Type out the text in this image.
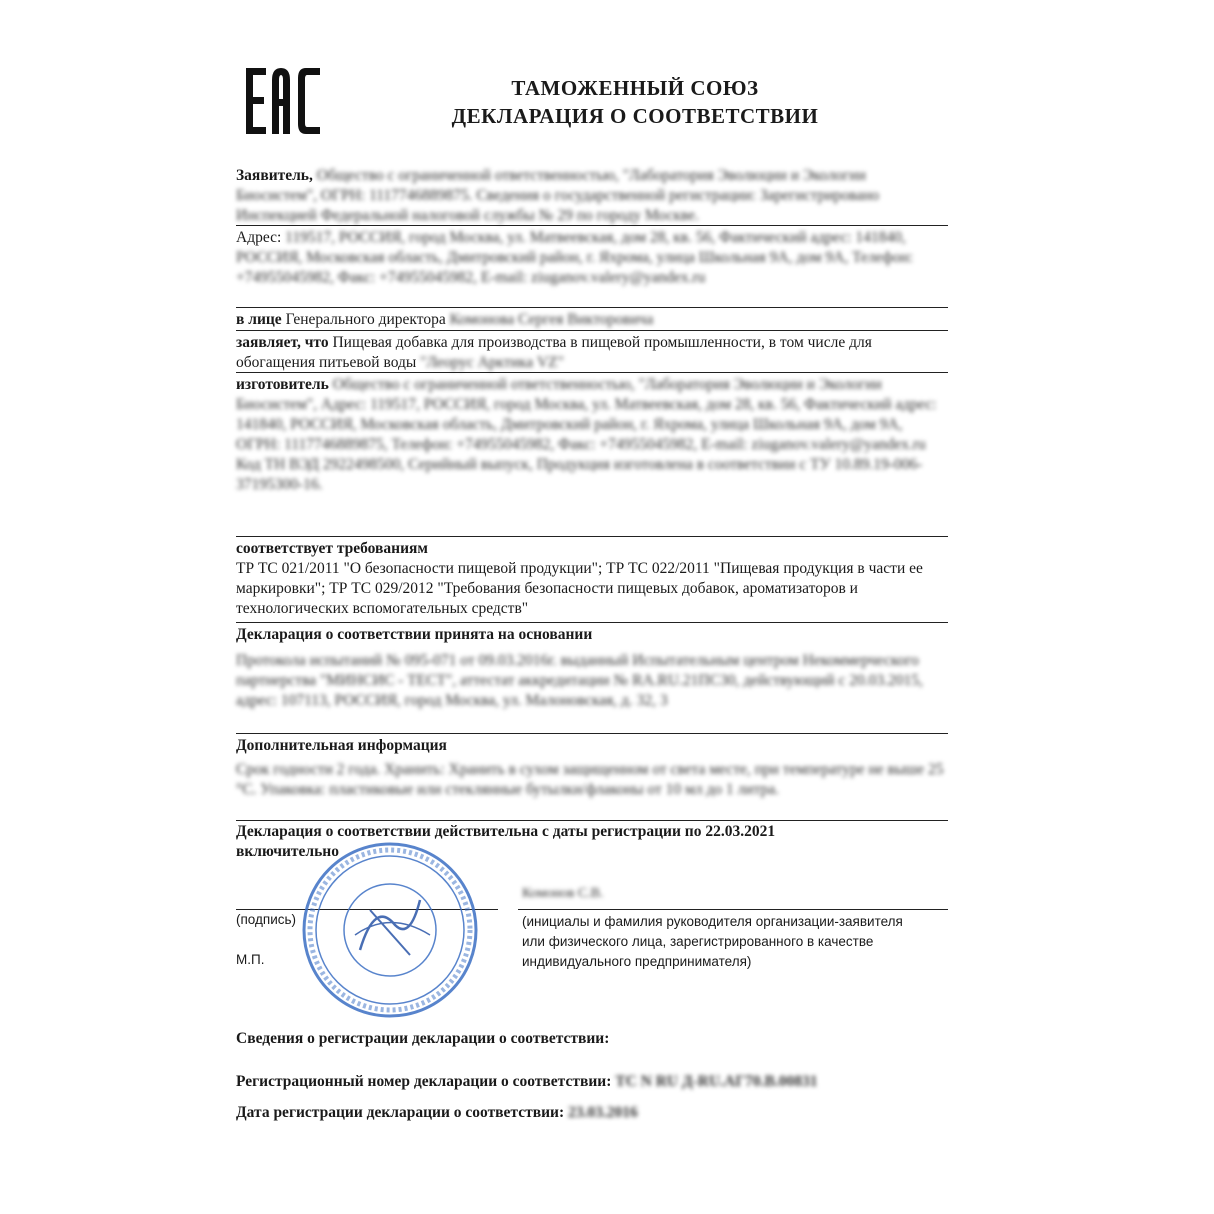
ТАМОЖЕННЫЙ СОЮЗ
ДЕКЛАРАЦИЯ О СООТВЕТСТВИИ
Заявитель, Общество с ограниченной ответственностью, "Лаборатория Эволюции и Экологии Биосистем", ОГРН: 1117746889875. Сведения о государственной регистрации: Зарегистрировано Инспекцией Федеральной налоговой службы № 29 по городу Москве.
Адрес: 119517, РОССИЯ, город Москва, ул. Матвеевская, дом 28, кв. 56, Фактический адрес: 141840, РОССИЯ, Московская область, Дмитровский район, г. Яхрома, улица Школьная 9А, дом 9А, Телефон: +74955045982, Факс: +74955045982, E-mail: ziuganov.valery@yandex.ru
в лице Генерального директора Комонова Сергея Викторовича
заявляет, что Пищевая добавка для производства в пищевой промышленности, в том числе для обогащения питьевой воды "Леорус Арктика VZ"
изготовитель Общество с ограниченной ответственностью, "Лаборатория Эволюции и Экологии Биосистем", Адрес: 119517, РОССИЯ, город Москва, ул. Матвеевская, дом 28, кв. 56, Фактический адрес: 141840, РОССИЯ, Московская область, Дмитровский район, г. Яхрома, улица Школьная 9А, дом 9А, ОГРН: 1117746889875, Телефон: +74955045982, Факс: +74955045982, E-mail: ziuganov.valery@yandex.ru
Код ТН ВЭД 2922498500, Серийный выпуск, Продукция изготовлена в соответствии с ТУ 10.89.19-006-37195300-16.
соответствует требованиям
ТР ТС 021/2011 "О безопасности пищевой продукции"; ТР ТС 022/2011 "Пищевая продукция в части ее маркировки"; ТР ТС 029/2012 "Требования безопасности пищевых добавок, ароматизаторов и технологических вспомогательных средств"
Декларация о соответствии принята на основании
Протокола испытаний № 095-071 от 09.03.2016г. выданный Испытательным центром Некоммерческого партнерства "МИНСИС - ТЕСТ", аттестат аккредитации № RA.RU.21ПС30, действующий с 20.03.2015, адрес: 107113, РОССИЯ, город Москва, ул. Малоновская, д. 32, 3
Дополнительная информация
Срок годности 2 года. Хранить: Хранить в сухом защищенном от света месте, при температуре не выше 25 °С. Упаковка: пластиковые или стеклянные бутылки/флаконы от 10 мл до 1 литра.
Декларация о соответствии действительна с даты регистрации по 22.03.2021 включительно
Комонов С.В.
(подпись)
М.П.
(инициалы и фамилия руководителя организации-заявителя или физического лица, зарегистрированного в качестве индивидуального предпринимателя)
Сведения о регистрации декларации о соответствии:
Регистрационный номер декларации о соответствии: ТС N RU Д-RU.АГ70.В.00831
Дата регистрации декларации о соответствии: 23.03.2016
